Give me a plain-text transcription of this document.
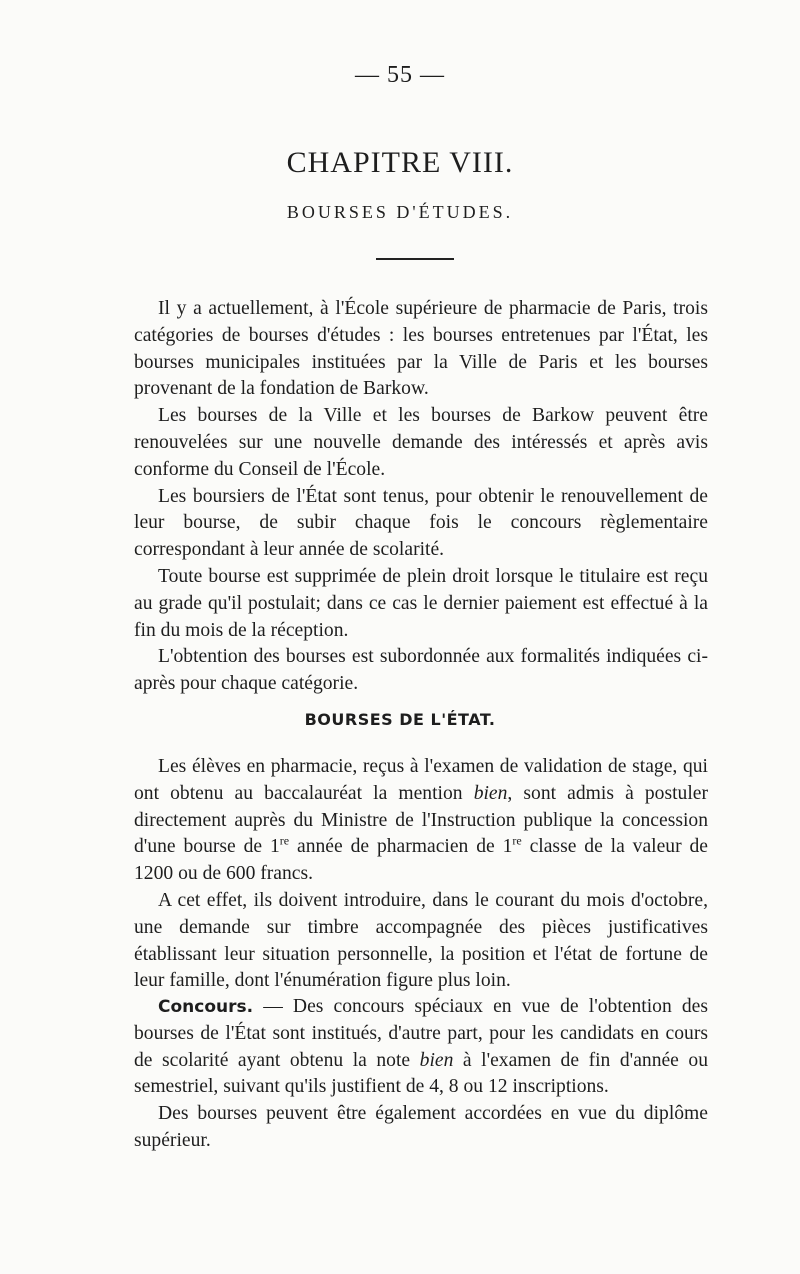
— 55 —
CHAPITRE VIII.
BOURSES D'ÉTUDES.

Il y a actuellement, à l'École supérieure de pharmacie de Paris, trois catégories de bourses d'études : les bourses entretenues par l'État, les bourses municipales instituées par la Ville de Paris et les bourses provenant de la fondation de Barkow.

Les bourses de la Ville et les bourses de Barkow peuvent être renouvelées sur une nouvelle demande des intéressés et après avis conforme du Conseil de l'École.

Les boursiers de l'État sont tenus, pour obtenir le renouvellement de leur bourse, de subir chaque fois le concours règlementaire correspondant à leur année de scolarité.

Toute bourse est supprimée de plein droit lorsque le titulaire est reçu au grade qu'il postulait; dans ce cas le dernier paiement est effectué à la fin du mois de la réception.

L'obtention des bourses est subordonnée aux formalités indiquées ci-après pour chaque catégorie.

BOURSES DE L'ÉTAT.

Les élèves en pharmacie, reçus à l'examen de validation de stage, qui ont obtenu au baccalauréat la mention bien, sont admis à postuler directement auprès du Ministre de l'Instruction publique la concession d'une bourse de 1re année de pharmacien de 1re classe de la valeur de 1200 ou de 600 francs.

A cet effet, ils doivent introduire, dans le courant du mois d'octobre, une demande sur timbre accompagnée des pièces justificatives établissant leur situation personnelle, la position et l'état de fortune de leur famille, dont l'énumération figure plus loin.

Concours. — Des concours spéciaux en vue de l'obtention des bourses de l'État sont institués, d'autre part, pour les candidats en cours de scolarité ayant obtenu la note bien à l'examen de fin d'année ou semestriel, suivant qu'ils justifient de 4, 8 ou 12 inscriptions.

Des bourses peuvent être également accordées en vue du diplôme supérieur.
